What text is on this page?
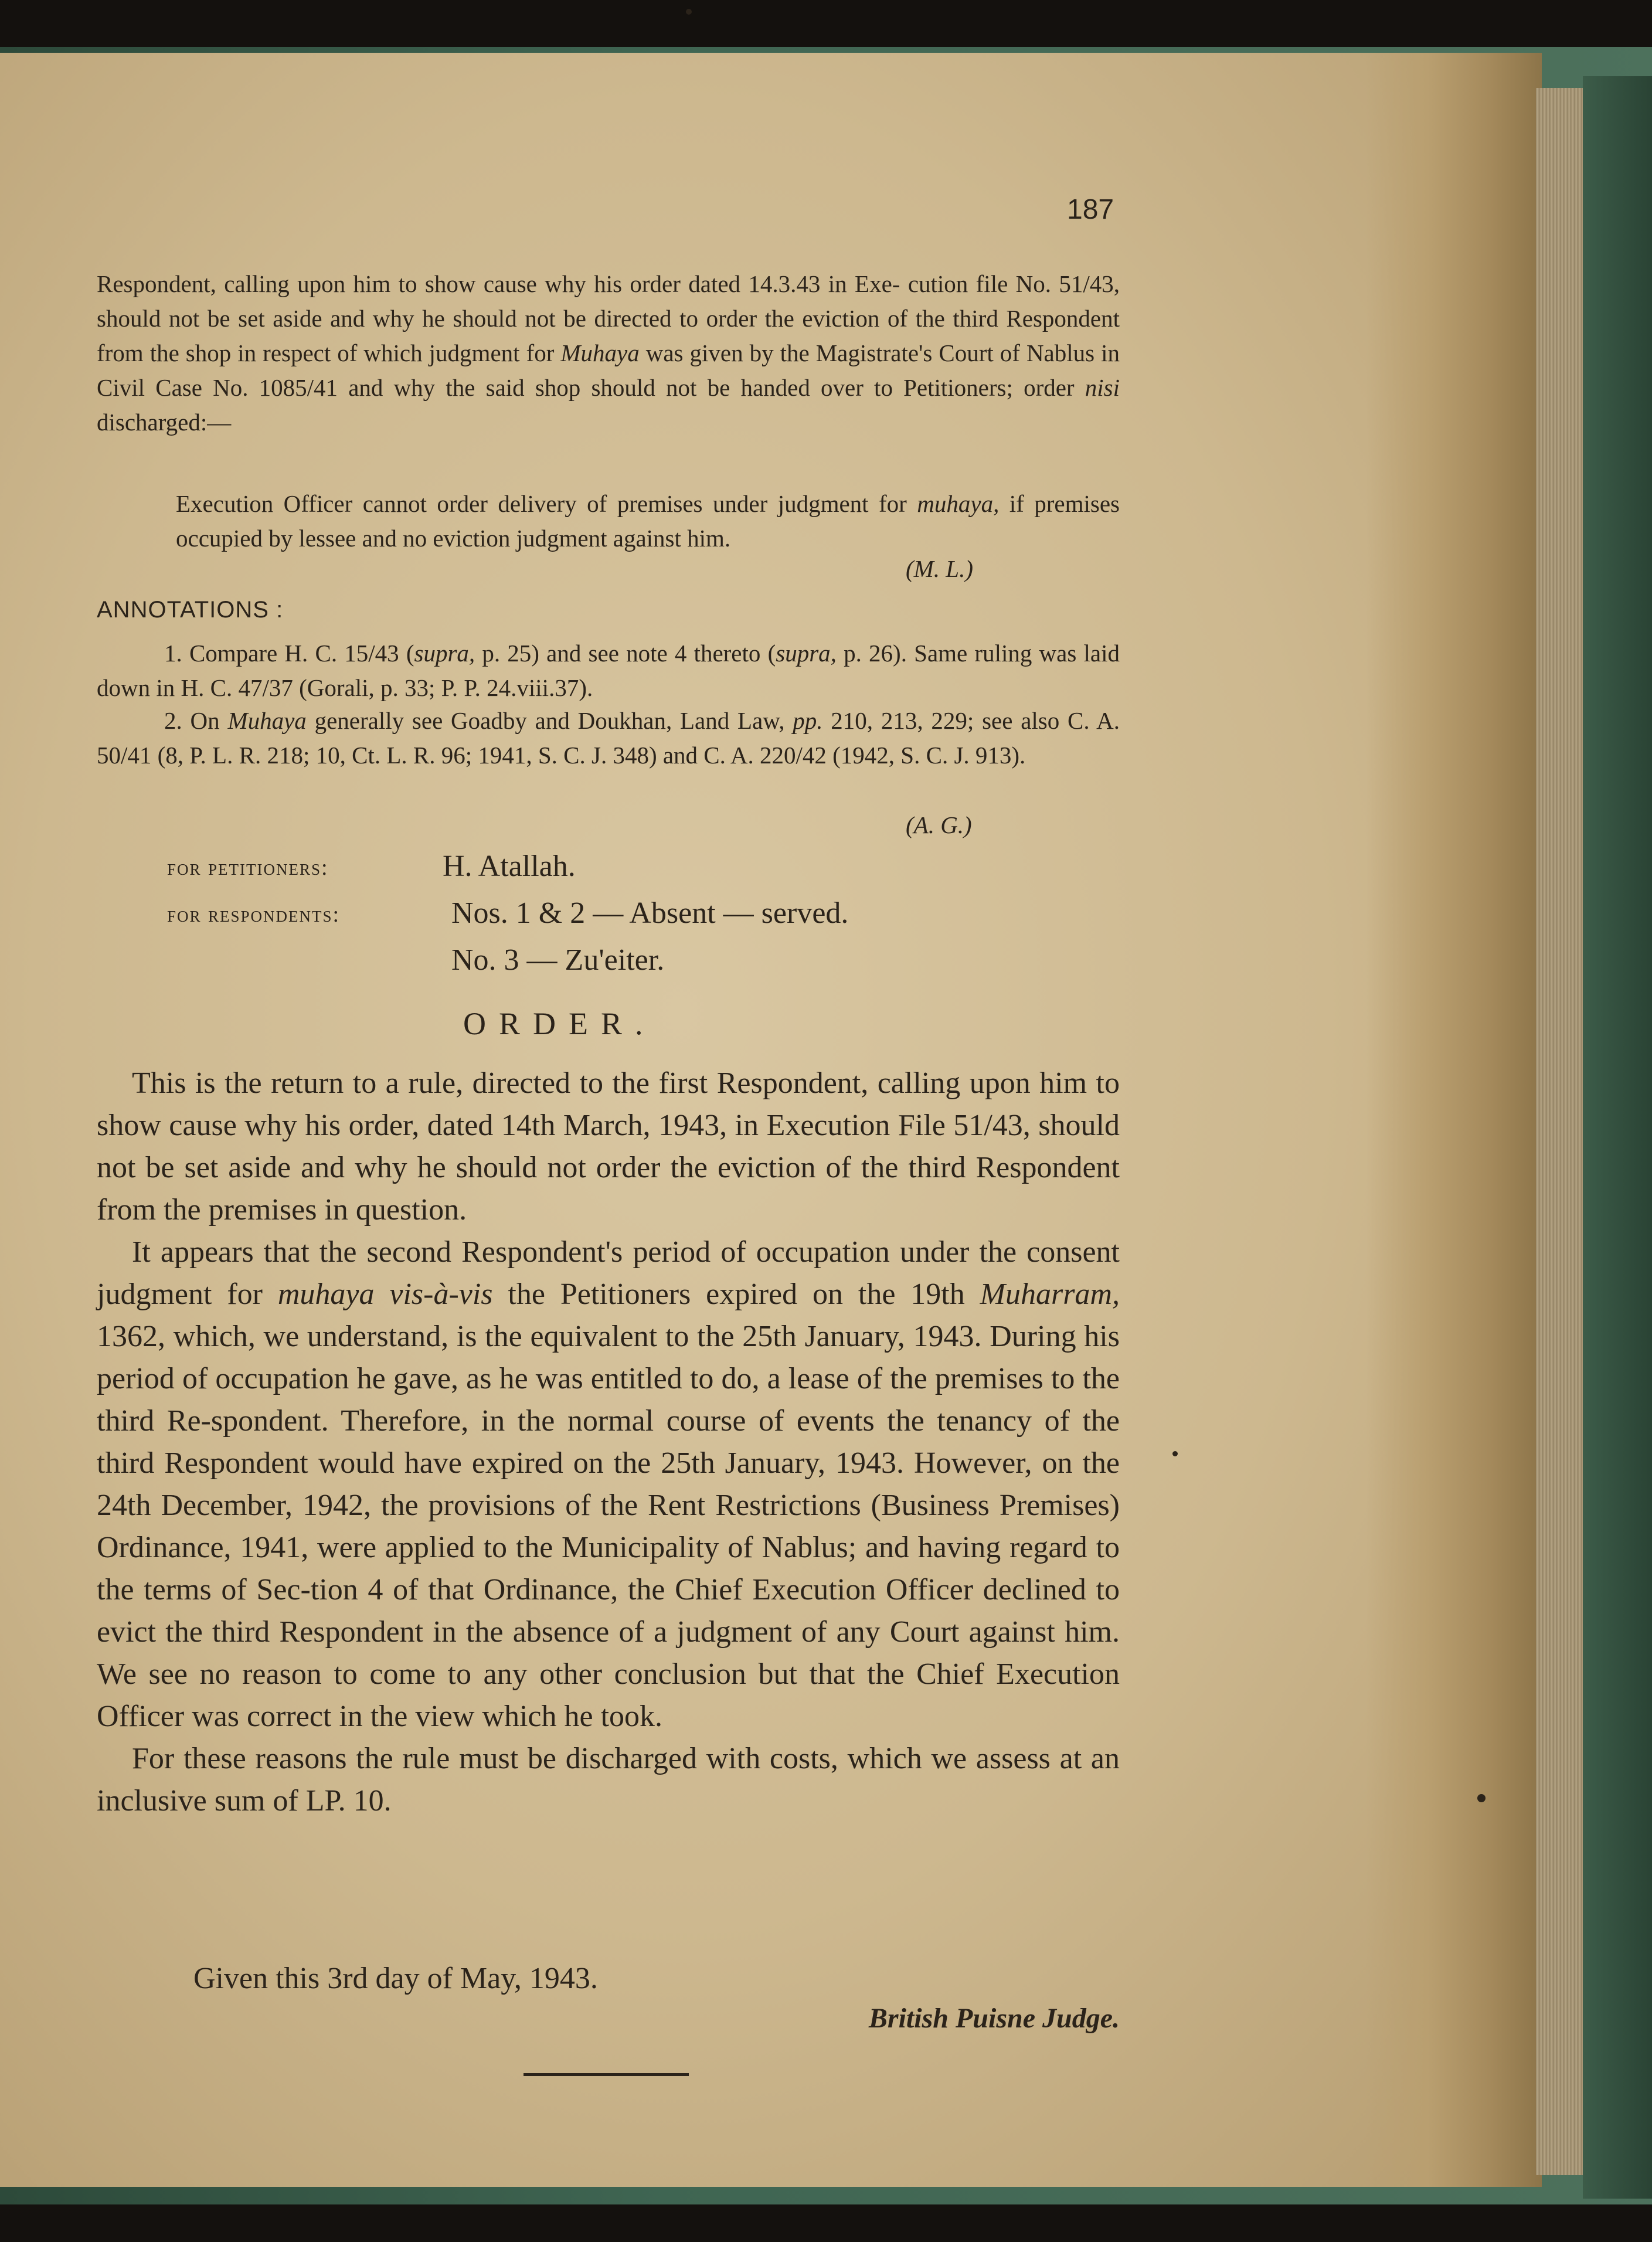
187
Respondent, calling upon him to show cause why his order dated 14.3.43 in Exe- cution file No. 51/43, should not be set aside and why he should not be directed to order the eviction of the third Respondent from the shop in respect of which judgment for Muhaya was given by the Magistrate's Court of Nablus in Civil Case No. 1085/41 and why the said shop should not be handed over to Petitioners; order nisi discharged:—
Execution Officer cannot order delivery of premises under judgment for muhaya, if premises occupied by lessee and no eviction judgment against him.
(M. L.)
ANNOTATIONS :
1. Compare H. C. 15/43 (supra, p. 25) and see note 4 thereto (supra, p. 26). Same ruling was laid down in H. C. 47/37 (Gorali, p. 33; P. P. 24.viii.37).
2. On Muhaya generally see Goadby and Doukhan, Land Law, pp. 210, 213, 229; see also C. A. 50/41 (8, P. L. R. 218; 10, Ct. L. R. 96; 1941, S. C. J. 348) and C. A. 220/42 (1942, S. C. J. 913).
(A. G.)
for petitioners:	H. Atallah.
for respondents:	Nos. 1 & 2 — Absent — served.
No. 3 — Zu'eiter.
ORDER.

This is the return to a rule, directed to the first Respondent, calling upon him to show cause why his order, dated 14th March, 1943, in Execution File 51/43, should not be set aside and why he should not order the eviction of the third Respondent from the premises in question.

It appears that the second Respondent's period of occupation under the consent judgment for muhaya vis-à-vis the Petitioners expired on the 19th Muharram, 1362, which, we understand, is the equivalent to the 25th January, 1943. During his period of occupation he gave, as he was entitled to do, a lease of the premises to the third Re-spondent. Therefore, in the normal course of events the tenancy of the third Respondent would have expired on the 25th January, 1943. However, on the 24th December, 1942, the provisions of the Rent Restrictions (Business Premises) Ordinance, 1941, were applied to the Municipality of Nablus; and having regard to the terms of Sec-tion 4 of that Ordinance, the Chief Execution Officer declined to evict the third Respondent in the absence of a judgment of any Court against him. We see no reason to come to any other conclusion but that the Chief Execution Officer was correct in the view which he took.

For these reasons the rule must be discharged with costs, which we assess at an inclusive sum of LP. 10.

Given this 3rd day of May, 1943.
British Puisne Judge.
